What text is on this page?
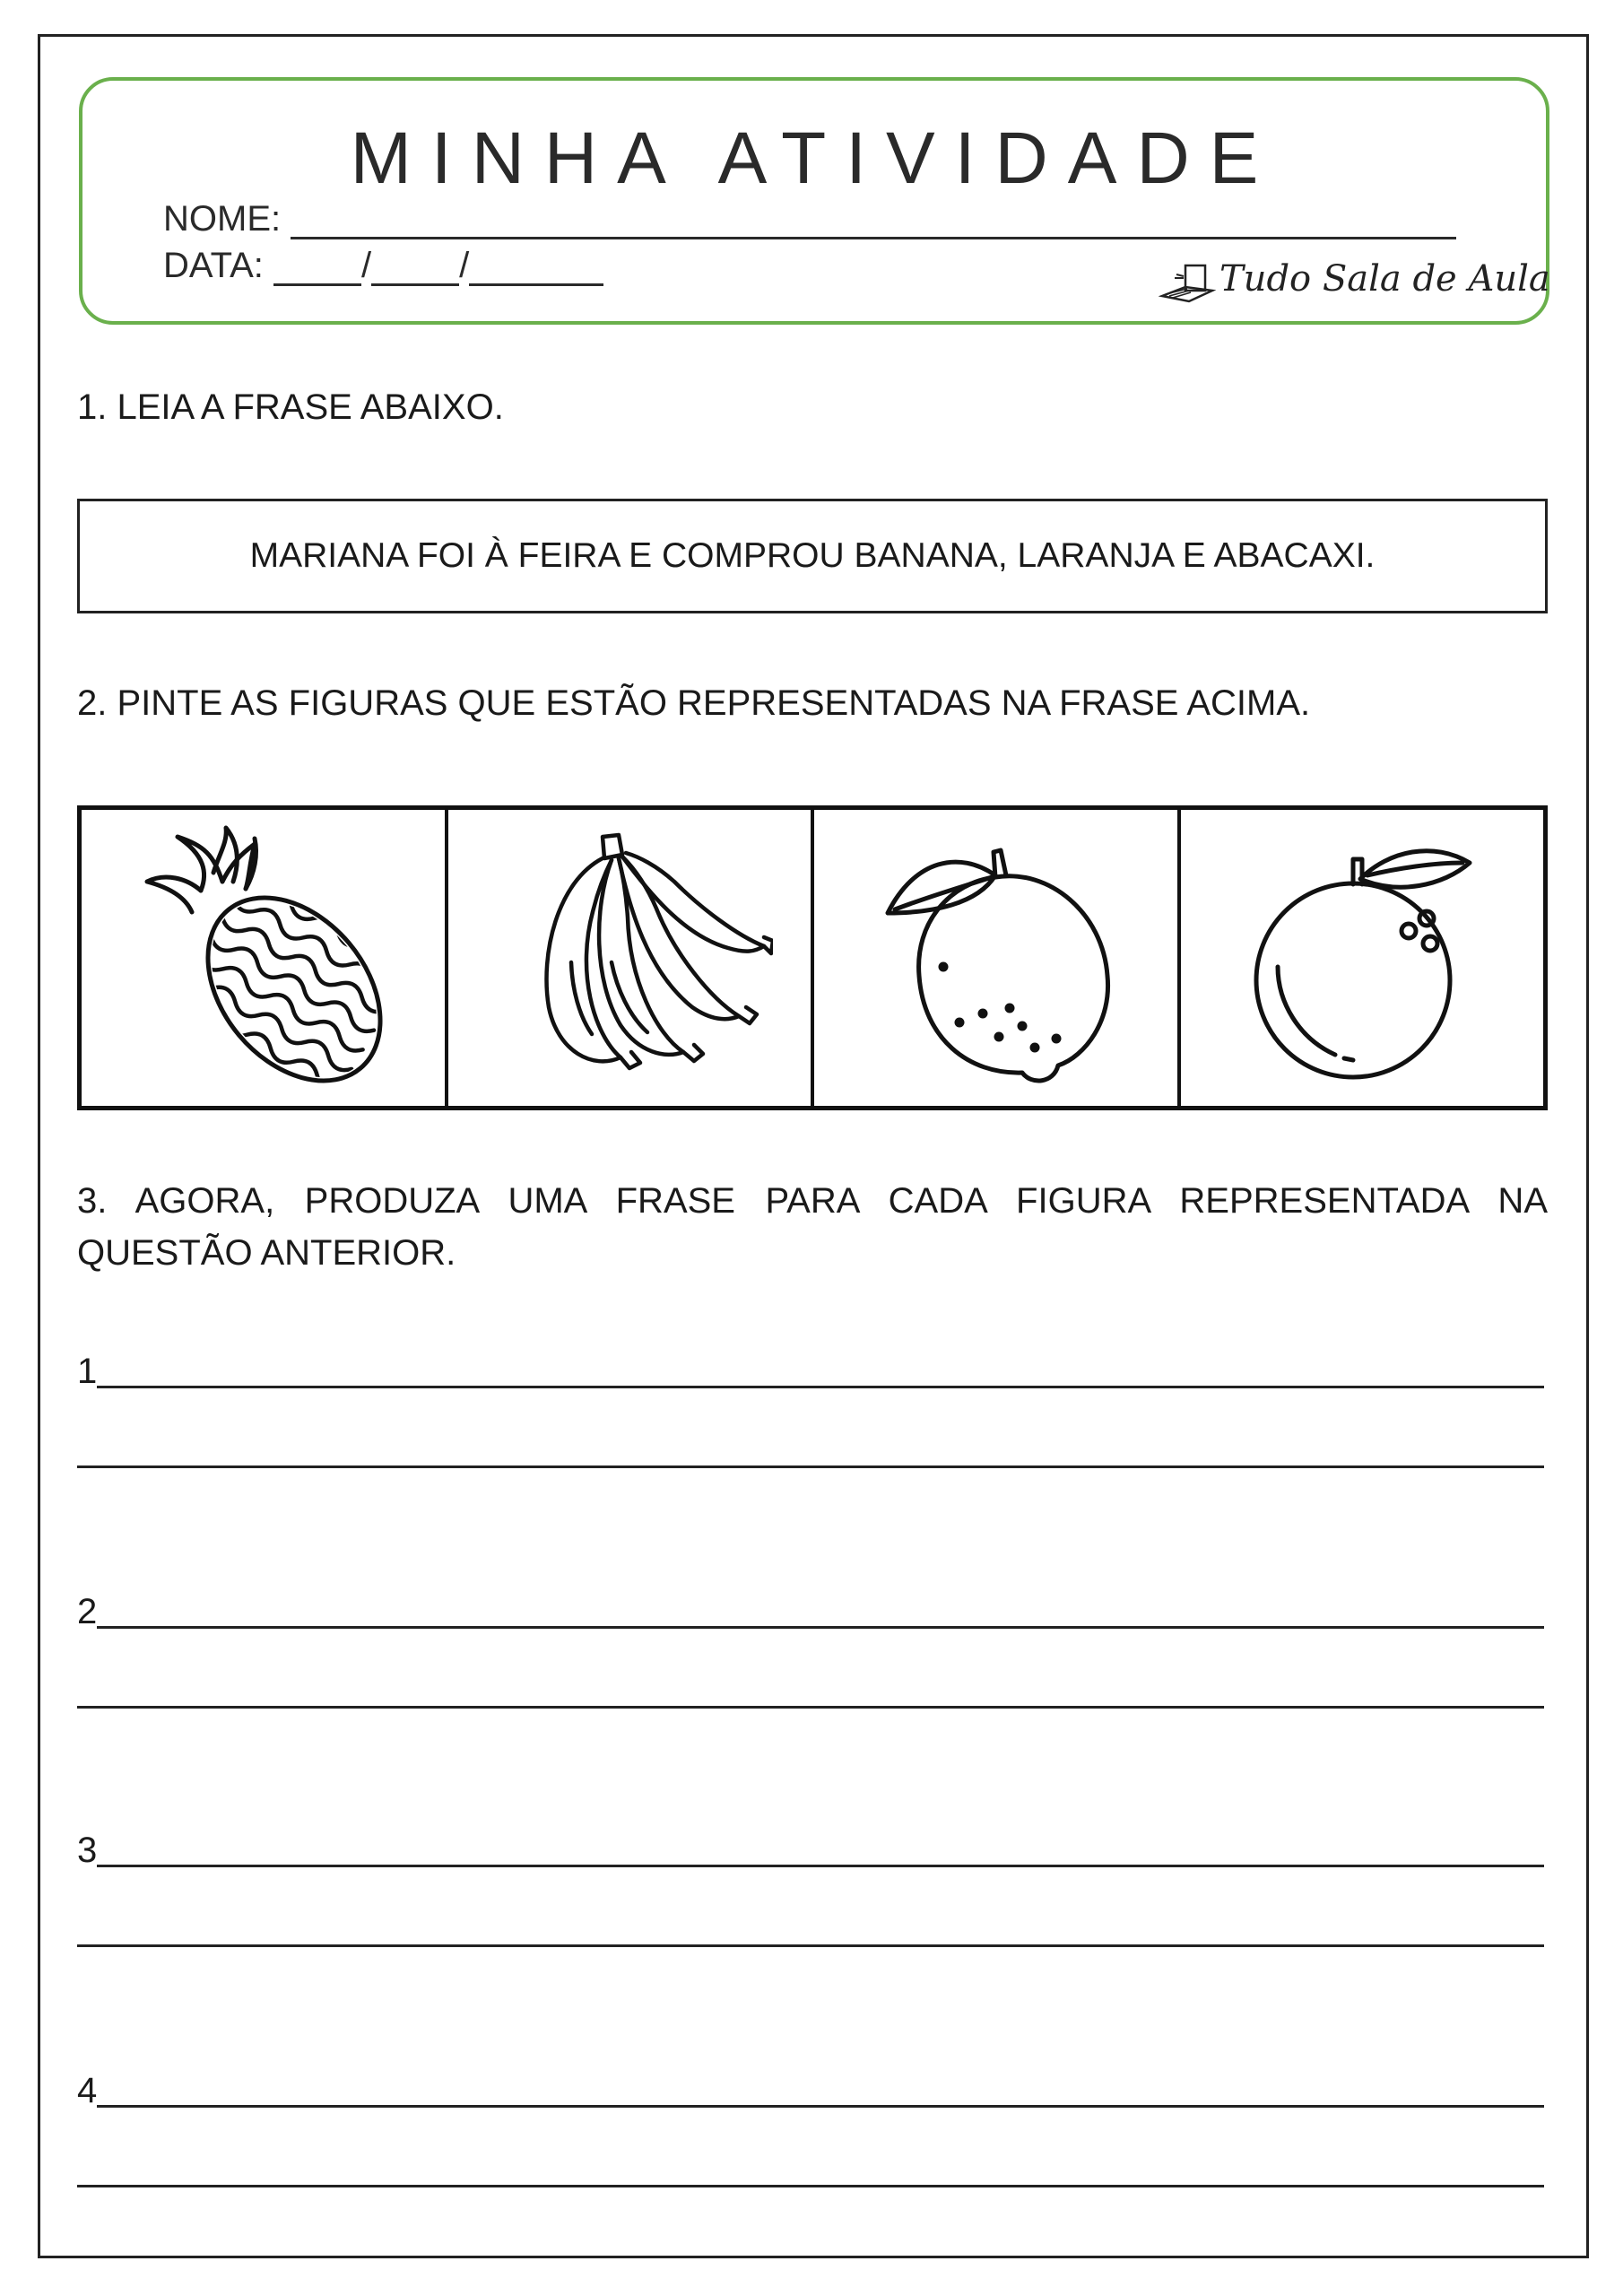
MINHA ATIVIDADE
NOME:
DATA:	/ /	Tudo Sala de Aula
1. LEIA A FRASE ABAIXO.
MARIANA FOI À FEIRA E COMPROU BANANA, LARANJA E ABACAXI.
2. PINTE AS FIGURAS QUE ESTÃO REPRESENTADAS NA FRASE ACIMA.
3. AGORA, PRODUZA UMA FRASE PARA CADA FIGURA REPRESENTADA NA QUESTÃO ANTERIOR.
1
2
3
4
